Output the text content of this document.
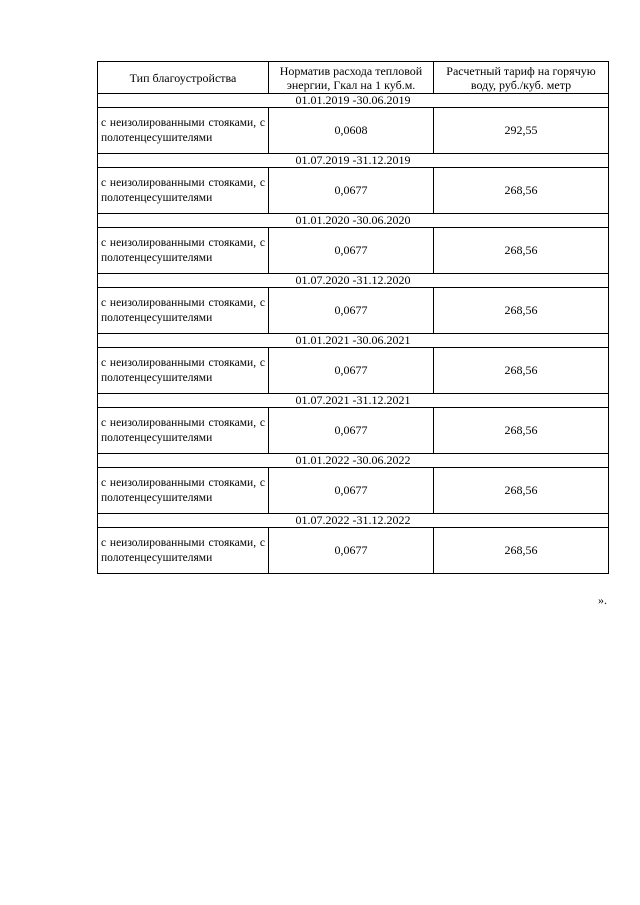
Тип благоустройства	Норматив расхода тепловой энергии, Гкал на 1 куб.м.	Расчетный тариф на горячую воду, руб./куб. метр
01.01.2019 -30.06.2019		
с неизолированными стояками, с полотенцесушителями	0,0608	292,55
01.07.2019 -31.12.2019		
с неизолированными стояками, с полотенцесушителями	0,0677	268,56
01.01.2020 -30.06.2020		
с неизолированными стояками, с полотенцесушителями	0,0677	268,56
01.07.2020 -31.12.2020		
с неизолированными стояками, с полотенцесушителями	0,0677	268,56
01.01.2021 -30.06.2021		
с неизолированными стояками, с полотенцесушителями	0,0677	268,56
01.07.2021 -31.12.2021		
с неизолированными стояками, с полотенцесушителями	0,0677	268,56
01.01.2022 -30.06.2022		
с неизолированными стояками, с полотенцесушителями	0,0677	268,56
01.07.2022 -31.12.2022		
с неизолированными стояками, с полотенцесушителями	0,0677	268,56
».
